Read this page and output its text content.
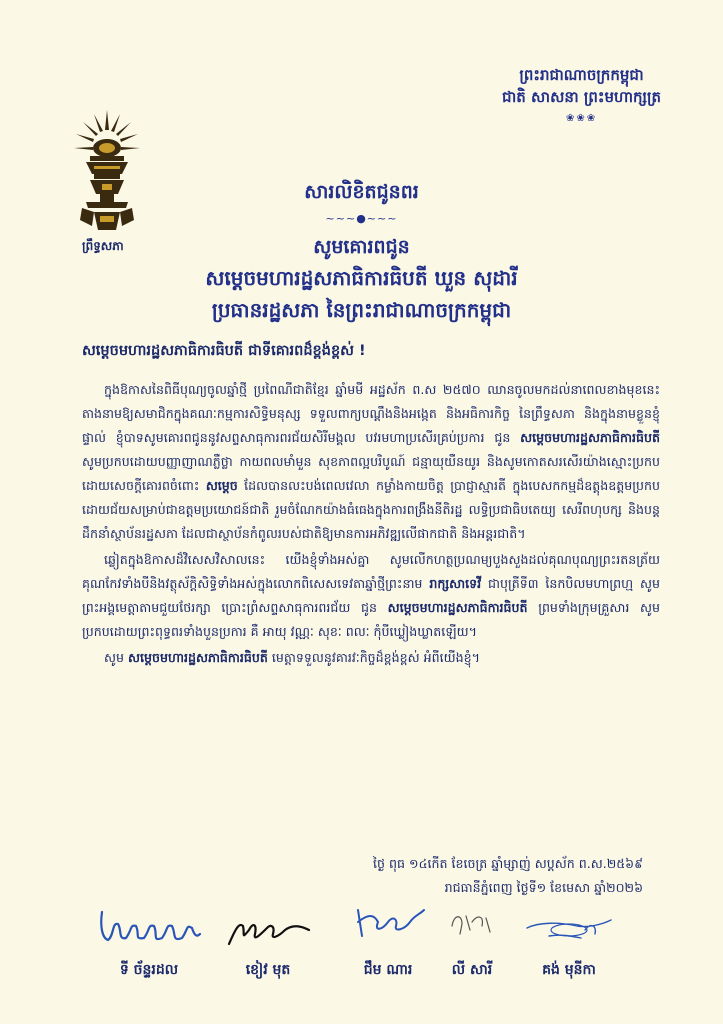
ព្រះរាជាណាចក្រកម្ពុជា
ជាតិ សាសនា ព្រះមហាក្សត្រ
❀❀❀
ព្រឹទ្ធសភា
សារលិខិតជូនពរ
~~~●~~~
សូមគោរពជូន
សម្តេចមហារដ្ឋសភាធិការធិបតី ឃួន សុដារី
ប្រធានរដ្ឋសភា នៃព្រះរាជាណាចក្រកម្ពុជា
សម្តេចមហារដ្ឋសភាធិការធិបតី ជាទីគោរពដ៏ខ្ពង់ខ្ពស់ !

ក្នុងឱកាសនៃពិធីបុណ្យចូលឆ្នាំថ្មី ប្រពៃណីជាតិខ្មែរ ឆ្នាំមមី អដ្ឋស័ក ព.ស ២៥៧០ ឈានចូលមកដល់នាពេលខាងមុខនេះ តាងនាមឱ្យសមាជិកក្នុងគណៈកម្មការសិទ្ធិមនុស្ស ទទួលពាក្យបណ្តឹងនិងអង្កេត និងអធិការកិច្ច នៃព្រឹទ្ធសភា និងក្នុងនាមខ្លួនខ្ញុំផ្ទាល់ ខ្ញុំបាទសូមគោរពជូននូវសព្ទសាធុការពរជ័យសិរីមង្គល បវរមហាប្រសើរគ្រប់ប្រការ ជូន សម្តេចមហារដ្ឋសភាធិការធិបតី សូមប្រកបដោយបញ្ញាញាណភ្លឺថ្លា កាយពលមាំមួន សុខភាពល្អបរិបូណ៍ ជន្មាយុយឺនយូរ និងសូមកោតសរសើរយ៉ាងស្មោះប្រកបដោយសេចក្តីគោរពចំពោះ សម្តេច ដែលបានលះបង់ពេលវេលា កម្លាំងកាយចិត្ត ប្រាជ្ញាស្មារតី ក្នុងបេសកកម្មដ៏ឧត្តុងឧត្តមប្រកបដោយជ័យសម្រាប់ជាឧត្តមប្រយោជន៍ជាតិ រួមចំណែកយ៉ាងធំធេងក្នុងការពង្រឹងនីតិរដ្ឋ លទ្ធិប្រជាធិបតេយ្យ សេរីពហុបក្ស និងបន្តដឹកនាំស្ថាប័នរដ្ឋសភា ដែលជាស្ថាប័នកំពូលរបស់ជាតិឱ្យមានការអភិវឌ្ឍលើផាកជាតិ និងអន្តរជាតិ។

ឆ្លៀតក្នុងឱកាសដ៏វិសេសវិសាលនេះ យើងខ្ញុំទាំងអស់គ្នា សូមលើកហត្ថប្រណម្យបួងសួងដល់គុណបុណ្យព្រះរតនត្រ័យ គុណកែវទាំងបីនិងវត្ថុស័ក្តិសិទ្ធិទាំងអស់ក្នុងលោកពិសេសទេវតាឆ្នាំថ្មីព្រះនាម រាក្សសាទេវី ជាបុត្រីទី៣ នៃកបិលមហាព្រហ្ម សូមព្រះអង្គមេត្តាតាមជួយថែរក្សា ប្រោះព្រំសព្ទសាធុការពរជ័យ ជូន សម្តេចមហារដ្ឋសភាធិការធិបតី ព្រមទាំងក្រុមគ្រួសារ សូមប្រកបដោយព្រះពុទ្ធពរទាំងបួនប្រការ គឺ អាយុ វណ្ណៈ សុខៈ ពលៈ កុំបីឃ្លៀងឃ្លាតឡើយ។

សូម សម្តេចមហារដ្ឋសភាធិការធិបតី មេត្តាទទួលនូវគារវៈកិច្ចដ៏ខ្ពង់ខ្ពស់ អំពីយើងខ្ញុំ។

ថ្ងៃ ពុធ ១៤កើត ខែចេត្រ ឆ្នាំម្សាញ់ សប្តស័ក ព.ស.២៥៦៩
រាជធានីភ្នំពេញ ថ្ងៃទី១ ខែមេសា ឆ្នាំ២០២៦
ទី ច័ន្ទរដល	ខៀវ មុត	ជឹម ណារ	លី សារី	គង់ មុនីកា
